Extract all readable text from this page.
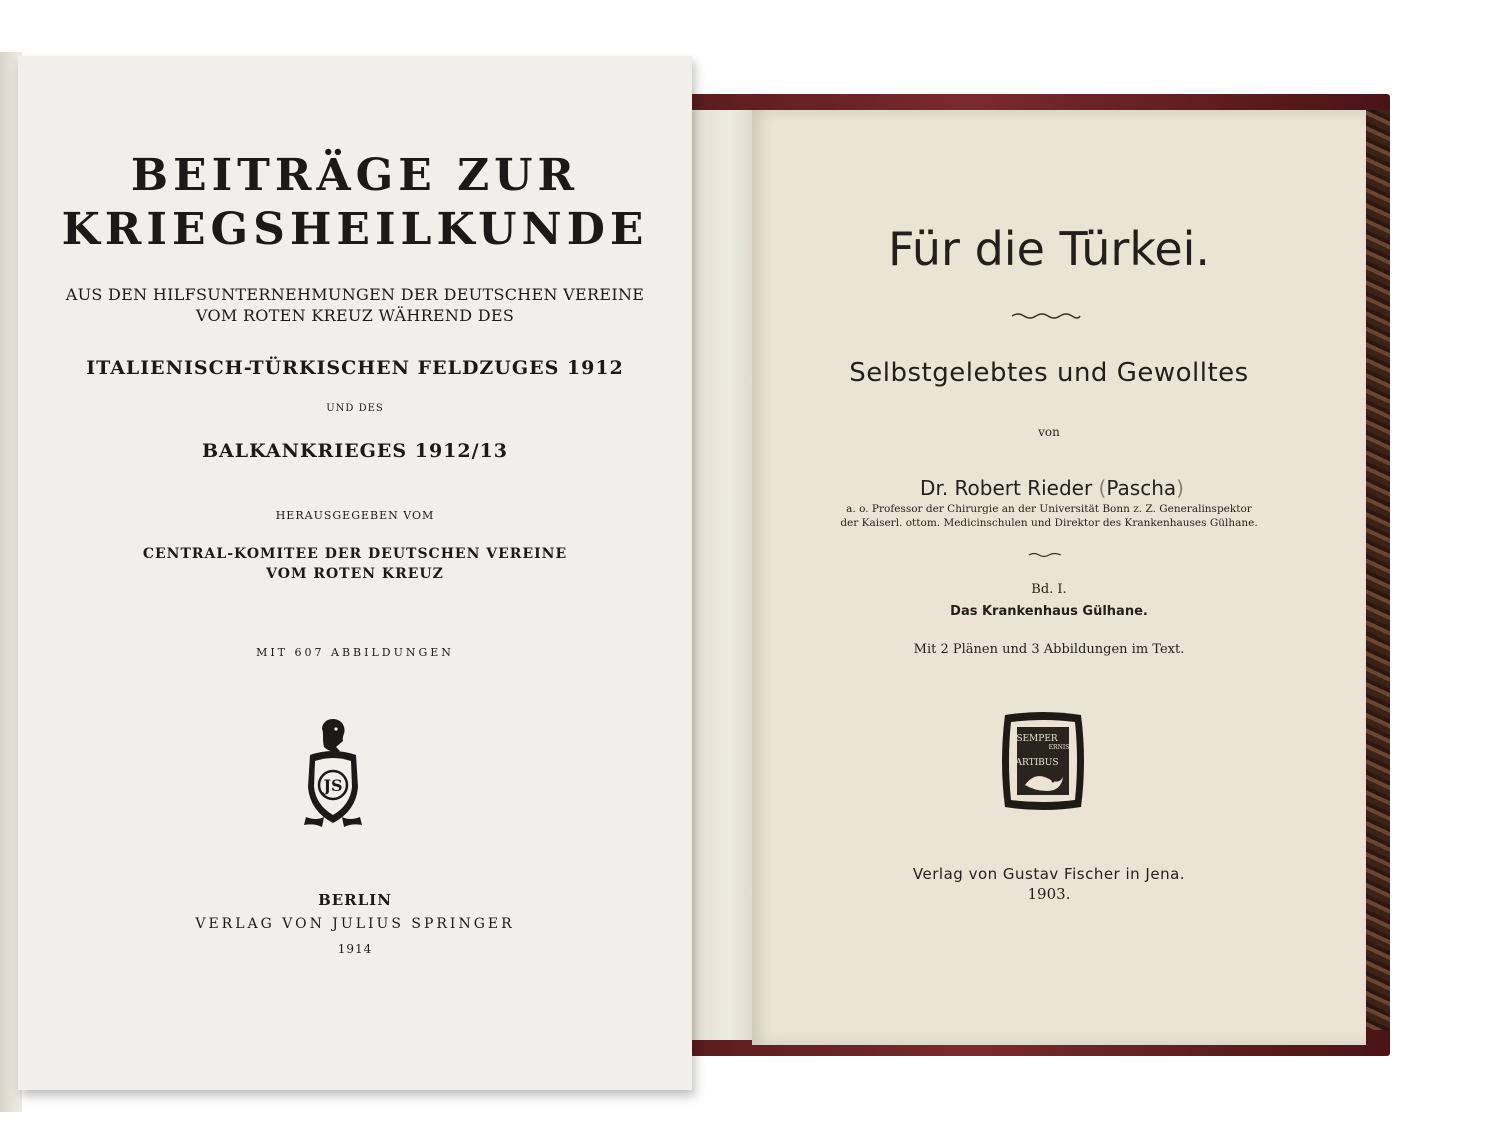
BEITRÄGE ZUR
KRIEGSHEILKUNDE
AUS DEN HILFSUNTERNEHMUNGEN DER DEUTSCHEN VEREINE
VOM ROTEN KREUZ WÄHREND DES
ITALIENISCH-TÜRKISCHEN FELDZUGES 1912
UND DES
BALKANKRIEGES 1912/13
HERAUSGEGEBEN VOM
CENTRAL-KOMITEE DER DEUTSCHEN VEREINE
VOM ROTEN KREUZ
MIT 607 ABBILDUNGEN
JS
BERLIN
VERLAG VON JULIUS SPRINGER
1914
Für die Türkei.
Selbstgelebtes und Gewolltes
von
Dr. Robert Rieder (Pascha)
a. o. Professor der Chirurgie an der Universität Bonn z. Z. Generalinspektor
der Kaiserl. ottom. Medicinschulen und Direktor des Krankenhauses Gülhane.
Bd. I.
Das Krankenhaus Gülhane.
Mit 2 Plänen und 3 Abbildungen im Text.
SEMPER
ERNIS
ARTIBUS
Verlag von Gustav Fischer in Jena.
1903.
